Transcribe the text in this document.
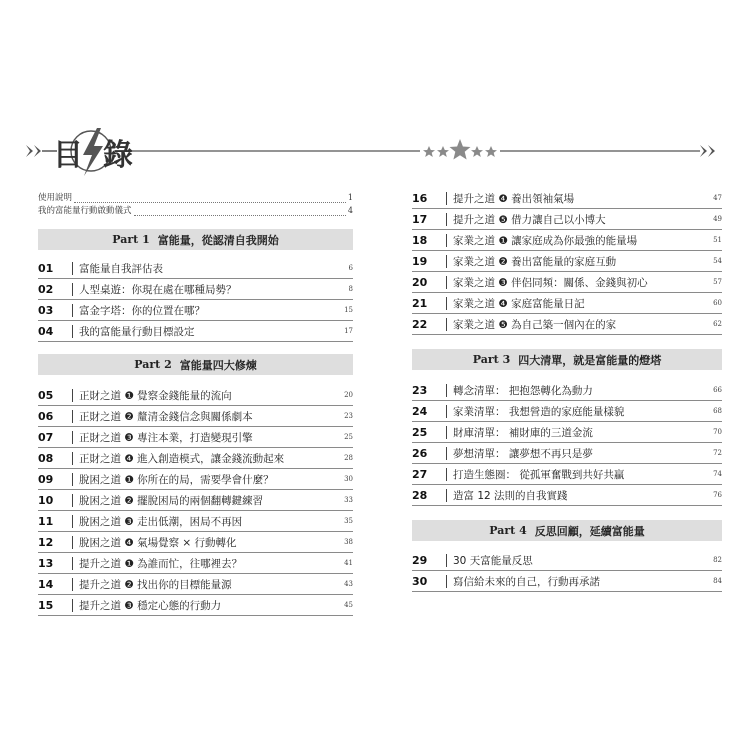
目 錄
使用說明	1
我的富能量行動啟動儀式	4
Part 1 富能量，從認清自我開始
01	富能量自我評估表	6
02	人型桌遊：你現在處在哪種局勢？	8
03	富金字塔：你的位置在哪？	15
04	我的富能量行動目標設定	17
Part 2 富能量四大修煉
05	正財之道 ❶ 覺察金錢能量的流向	20
06	正財之道 ❷ 釐清金錢信念與關係劇本	23
07	正財之道 ❸ 專注本業，打造變現引擎	25
08	正財之道 ❹ 進入創造模式，讓金錢流動起來	28
09	脫困之道 ❶ 你所在的局，需要學會什麼？	30
10	脫困之道 ❷ 擺脫困局的兩個翻轉鍵練習	33
11	脫困之道 ❸ 走出低潮，困局不再因	35
12	脫困之道 ❹ 氣場覺察 × 行動轉化	38
13	提升之道 ❶ 為誰而忙，往哪裡去？	41
14	提升之道 ❷ 找出你的目標能量源	43
15	提升之道 ❸ 穩定心態的行動力	45
16	提升之道 ❹ 養出領袖氣場	47
17	提升之道 ❺ 借力讓自己以小博大	49
18	家業之道 ❶ 讓家庭成為你最強的能量場	51
19	家業之道 ❷ 養出富能量的家庭互動	54
20	家業之道 ❸ 伴侶同頻：關係、金錢與初心	57
21	家業之道 ❹ 家庭富能量日記	60
22	家業之道 ❺ 為自己築一個內在的家	62
Part 3 四大清單，就是富能量的燈塔
23	轉念清單： 把抱怨轉化為動力	66
24	家業清單： 我想營造的家庭能量樣貌	68
25	財庫清單： 補財庫的三道金流	70
26	夢想清單： 讓夢想不再只是夢	72
27	打造生態圈： 從孤軍奮戰到共好共贏	74
28	造富 12 法則的自我實踐	76
Part 4 反思回顧，延續富能量
29	30 天富能量反思	82
30	寫信給未來的自己，行動再承諾	84
